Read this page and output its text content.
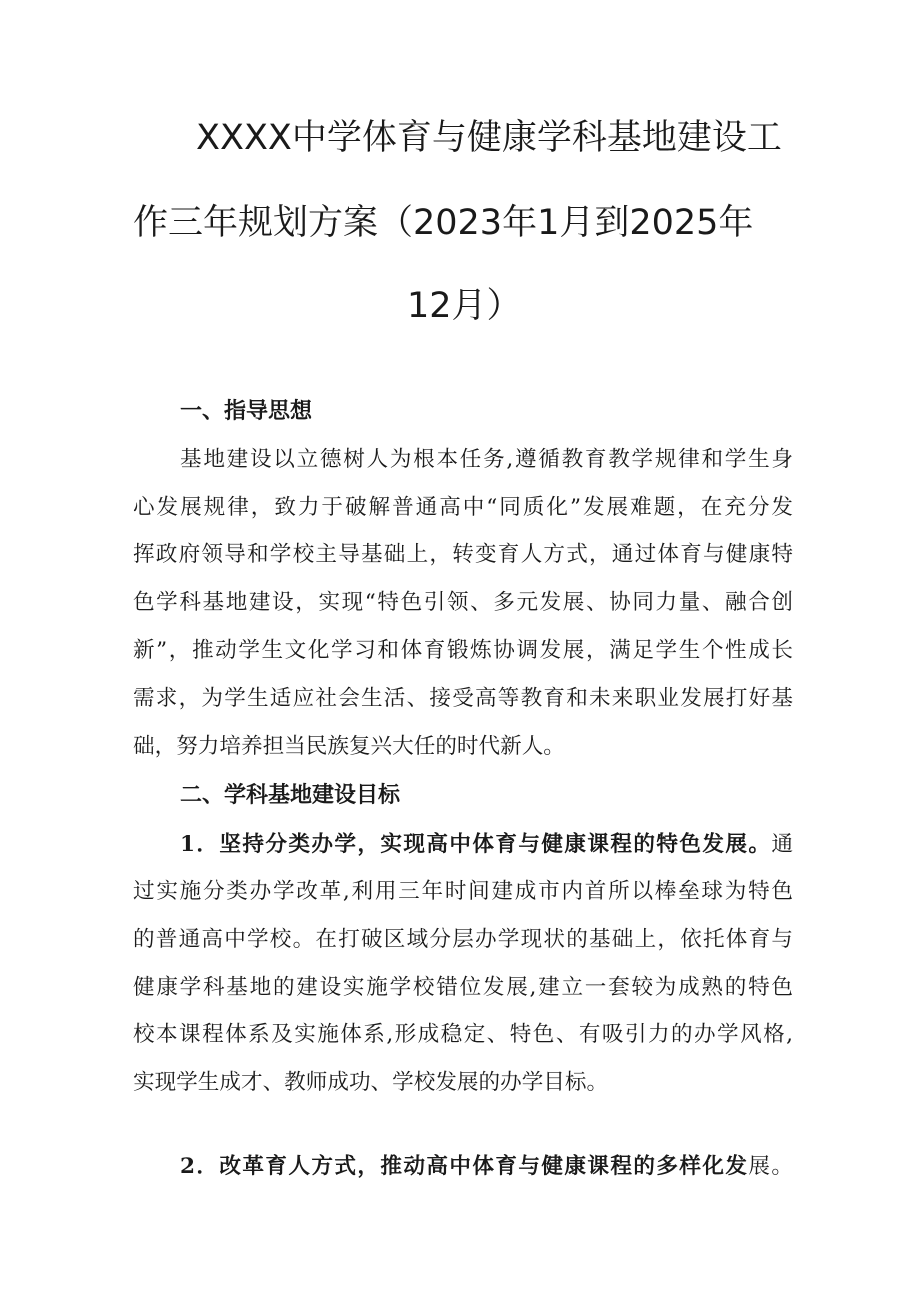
XXXX中学体育与健康学科基地建设工
作三年规划方案（2023年1月到2025年
12月）
一、指导思想
基地建设以立德树人为根本任务,遵循教育教学规律和学生身
心发展规律，致力于破解普通高中“同质化”发展难题，在充分发
挥政府领导和学校主导基础上，转变育人方式，通过体育与健康特
色学科基地建设，实现“特色引领、多元发展、协同力量、融合创
新”，推动学生文化学习和体育锻炼协调发展，满足学生个性成长
需求，为学生适应社会生活、接受高等教育和未来职业发展打好基
础，努力培养担当民族复兴大任的时代新人。
二、学科基地建设目标
1．坚持分类办学，实现高中体育与健康课程的特色发展。通
过实施分类办学改革,利用三年时间建成市内首所以棒垒球为特色
的普通高中学校。在打破区域分层办学现状的基础上，依托体育与
健康学科基地的建设实施学校错位发展,建立一套较为成熟的特色
校本课程体系及实施体系,形成稳定、特色、有吸引力的办学风格,
实现学生成才、教师成功、学校发展的办学目标。
2．改革育人方式，推动高中体育与健康课程的多样化发展。
